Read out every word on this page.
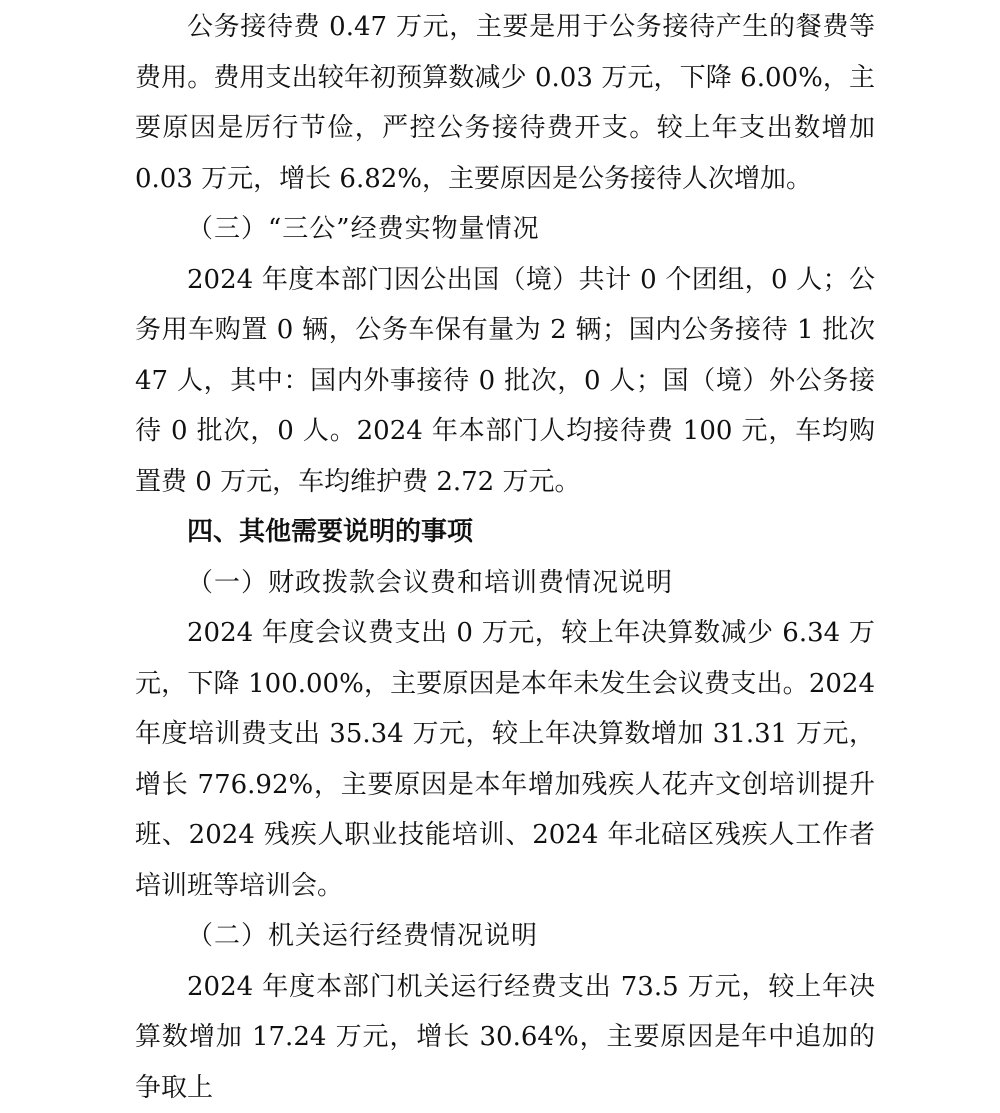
公务接待费 0.47 万元，主要是用于公务接待产生的餐费等费用。费用支出较年初预算数减少 0.03 万元，下降 6.00%，主要原因是厉行节俭，严控公务接待费开支。较上年支出数增加 0.03 万元，增长 6.82%，主要原因是公务接待人次增加。

（三）“三公”经费实物量情况

2024 年度本部门因公出国（境）共计 0 个团组，0 人；公务用车购置 0 辆，公务车保有量为 2 辆；国内公务接待 1 批次 47 人，其中：国内外事接待 0 批次，0 人；国（境）外公务接待 0 批次，0 人。2024 年本部门人均接待费 100 元，车均购置费 0 万元，车均维护费 2.72 万元。

四、其他需要说明的事项

（一）财政拨款会议费和培训费情况说明

2024 年度会议费支出 0 万元，较上年决算数减少 6.34 万元，下降 100.00%，主要原因是本年未发生会议费支出。2024 年度培训费支出 35.34 万元，较上年决算数增加 31.31 万元，增长 776.92%，主要原因是本年增加残疾人花卉文创培训提升班、2024 残疾人职业技能培训、2024 年北碚区残疾人工作者培训班等培训会。

（二）机关运行经费情况说明

2024 年度本部门机关运行经费支出 73.5 万元，较上年决算数增加 17.24 万元，增长 30.64%，主要原因是年中追加的争取上
